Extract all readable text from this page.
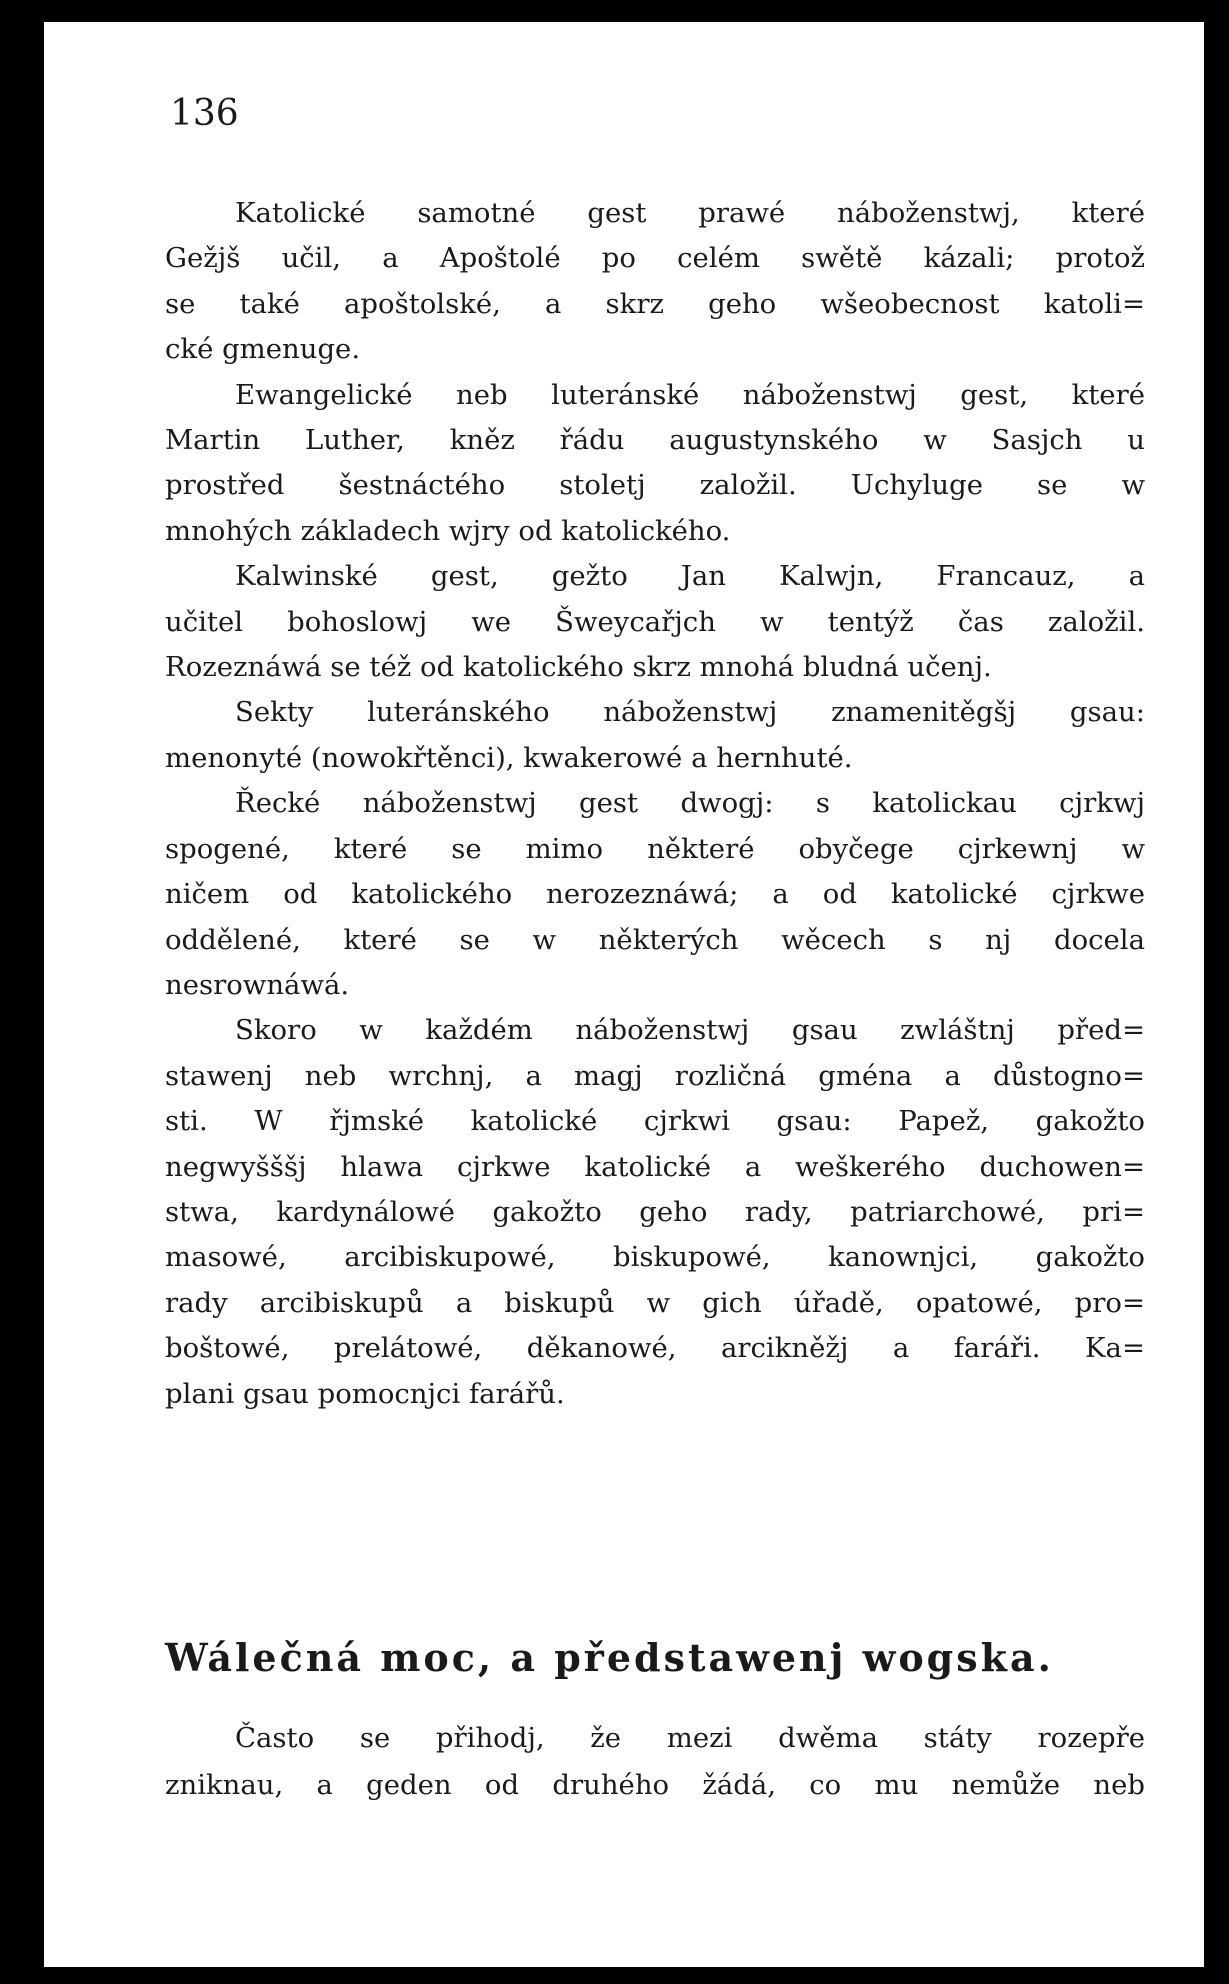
136
Katolické samotné gest prawé náboženstwj, které
Gežjš učil, a Apoštolé po celém swětě kázali; protož
se také apoštolské, a skrz geho wšeobecnost katoli=
cké gmenuge.
Ewangelické neb luteránské náboženstwj gest, které
Martin Luther, kněz řádu augustynského w Sasjch u
prostřed šestnáctého stoletj založil. Uchyluge se w
mnohých základech wjry od katolického.
Kalwinské gest, gežto Jan Kalwjn, Francauz, a
učitel bohoslowj we Šweycařjch w tentýž čas založil.
Rozeznáwá se též od katolického skrz mnohá bludná učenj.
Sekty luteránského náboženstwj znamenitěgšj gsau:
menonyté (nowokřtěnci), kwakerowé a hernhuté.
Řecké náboženstwj gest dwogj: s katolickau cjrkwj
spogené, které se mimo některé obyčege cjrkewnj w
ničem od katolického nerozeznáwá; a od katolické cjrkwe
oddělené, které se w některých wěcech s nj docela
nesrownáwá.
Skoro w každém náboženstwj gsau zwláštnj před=
stawenj neb wrchnj, a magj rozličná gména a důstogno=
sti. W řjmské katolické cjrkwi gsau: Papež, gakožto
negwyšššj hlawa cjrkwe katolické a weškerého duchowen=
stwa, kardynálowé gakožto geho rady, patriarchowé, pri=
masowé, arcibiskupowé, biskupowé, kanownjci, gakožto
rady arcibiskupů a biskupů w gich úřadě, opatowé, pro=
boštowé, prelátowé, děkanowé, arcikněžj a faráři. Ka=
plani gsau pomocnjci farářů.
Wálečná moc, a předstawenj wogska.
Často se přihodj, že mezi dwěma státy rozepře
zniknau, a geden od druhého žádá, co mu nemůže neb
